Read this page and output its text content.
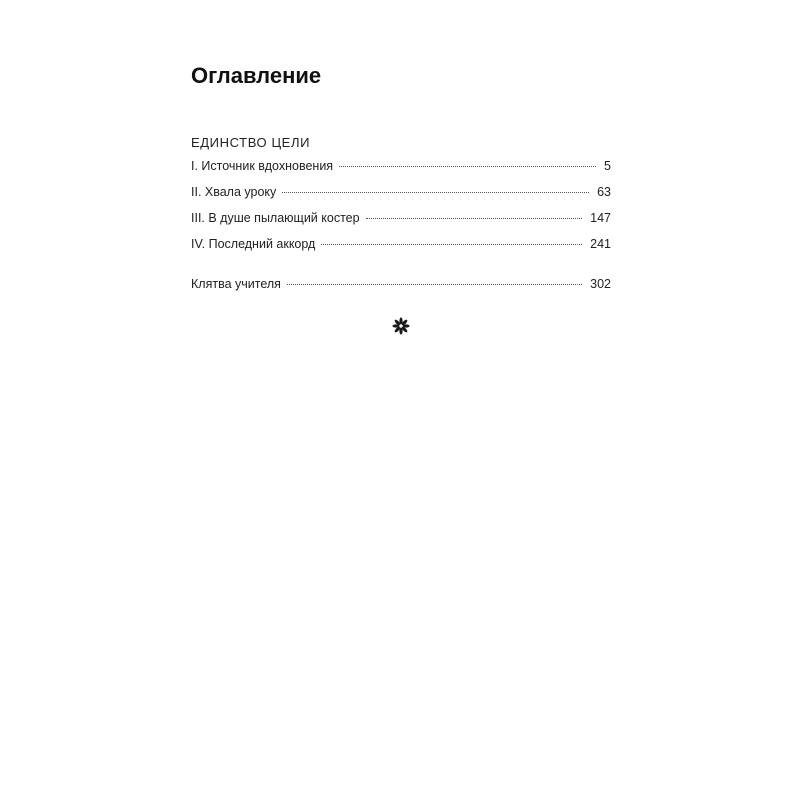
Оглавление
ЕДИНСТВО ЦЕЛИ
I. Источник вдохновения	5
II. Хвала уроку	63
III. В душе пылающий костер	147
IV. Последний аккорд	241
Клятва учителя	302
